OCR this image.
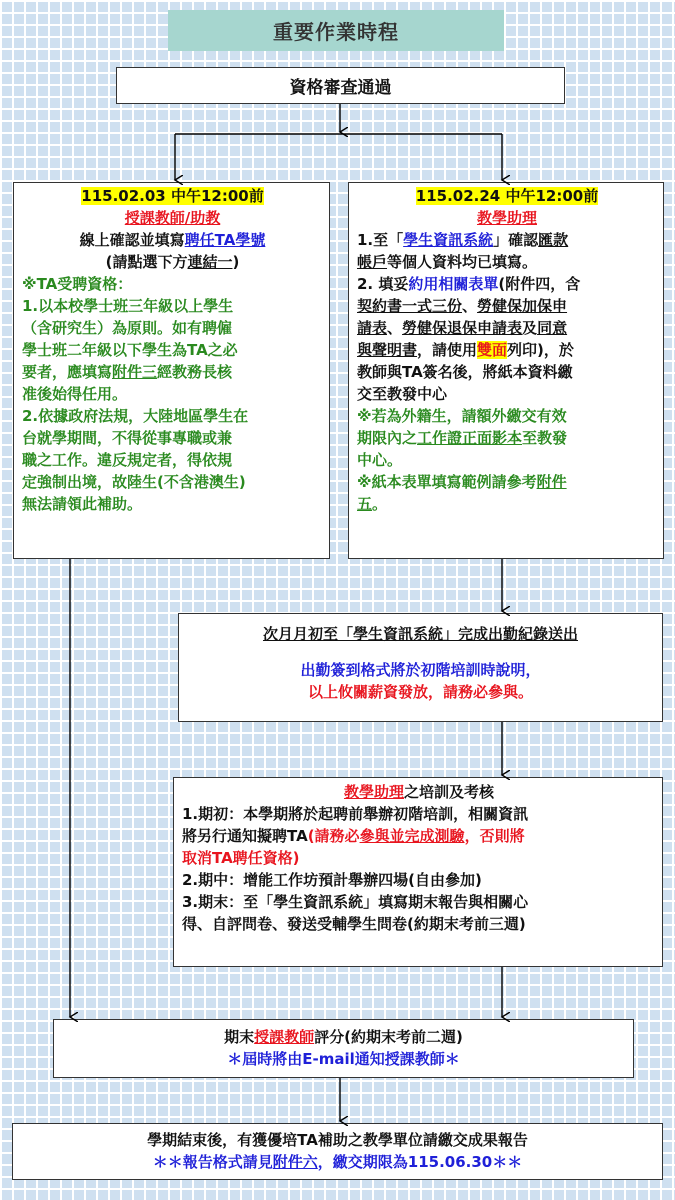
重要作業時程
資格審查通過
115.02.03 中午12:00前
授課教師/助教
線上確認並填寫聘任TA學號
(請點選下方連結一)
※TA受聘資格：
1.以本校學士班三年級以上學生
（含研究生）為原則。如有聘僱
學士班二年級以下學生為TA之必
要者，應填寫附件三經教務長核
准後始得任用。
2.依據政府法規，大陸地區學生在
台就學期間，不得從事專職或兼
職之工作。違反規定者，得依規
定強制出境，故陸生(不含港澳生)
無法請領此補助。
115.02.24 中午12:00前
教學助理
1.至「學生資訊系統」確認匯款
帳戶等個人資料均已填寫。
2. 填妥約用相關表單(附件四，含
契約書一式三份、勞健保加保申
請表、勞健保退保申請表及同意
與聲明書，請使用雙面列印)，於
教師與TA簽名後，將紙本資料繳
交至教發中心
※若為外籍生，請額外繳交有效
期限內之工作證正面影本至教發
中心。
※紙本表單填寫範例請參考附件
五。
次月月初至「學生資訊系統」完成出勤紀錄送出
出勤簽到格式將於初階培訓時說明，
以上攸關薪資發放，請務必參與。
教學助理之培訓及考核
1.期初：本學期將於起聘前舉辦初階培訓，相關資訊
將另行通知擬聘TA(請務必參與並完成測驗，否則將
取消TA聘任資格)
2.期中：增能工作坊預計舉辦四場(自由參加)
3.期末：至「學生資訊系統」填寫期末報告與相關心
得、自評問卷、發送受輔學生問卷(約期末考前三週)
期末授課教師評分(約期末考前二週)
＊屆時將由E-mail通知授課教師＊
學期結束後，有獲優培TA補助之教學單位請繳交成果報告
＊＊報告格式請見附件六，繳交期限為115.06.30＊＊
